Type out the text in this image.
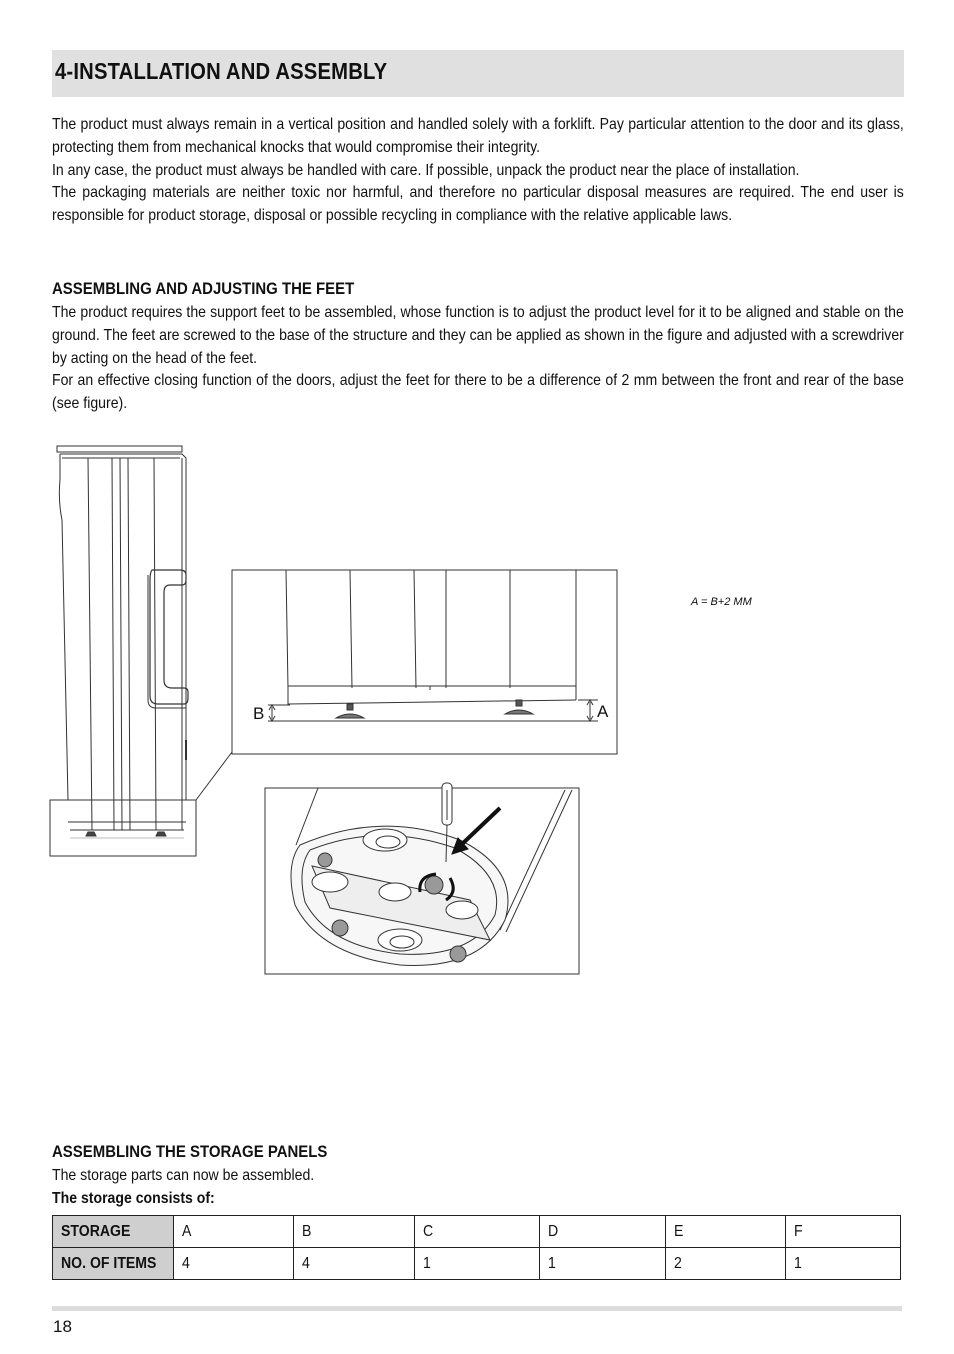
4-INSTALLATION AND ASSEMBLY

The product must always remain in a vertical position and handled solely with a forklift. Pay particular attention to the door and its glass, protecting them from mechanical knocks that would compromise their integrity.

In any case, the product must always be handled with care. If possible, unpack the product near the place of installation.

The packaging materials are neither toxic nor harmful, and therefore no particular disposal measures are required. The end user is responsible for product storage, disposal or possible recycling in compliance with the relative applicable laws.

ASSEMBLING AND ADJUSTING THE FEET

The product requires the support feet to be assembled, whose function is to adjust the product level for it to be aligned and stable on the ground. The feet are screwed to the base of the structure and they can be applied as shown in the figure and adjusted with a screwdriver by acting on the head of the feet.

For an effective closing function of the doors, adjust the feet for there to be a difference of 2 mm between the front and rear of the base (see figure).

B	A
A = B+2 MM
ASSEMBLING THE STORAGE PANELS
The storage parts can now be assembled.
The storage consists of:
STORAGE	A	B	C	D	E	F
NO. OF ITEMS	4	4	1	1	2	1
18
